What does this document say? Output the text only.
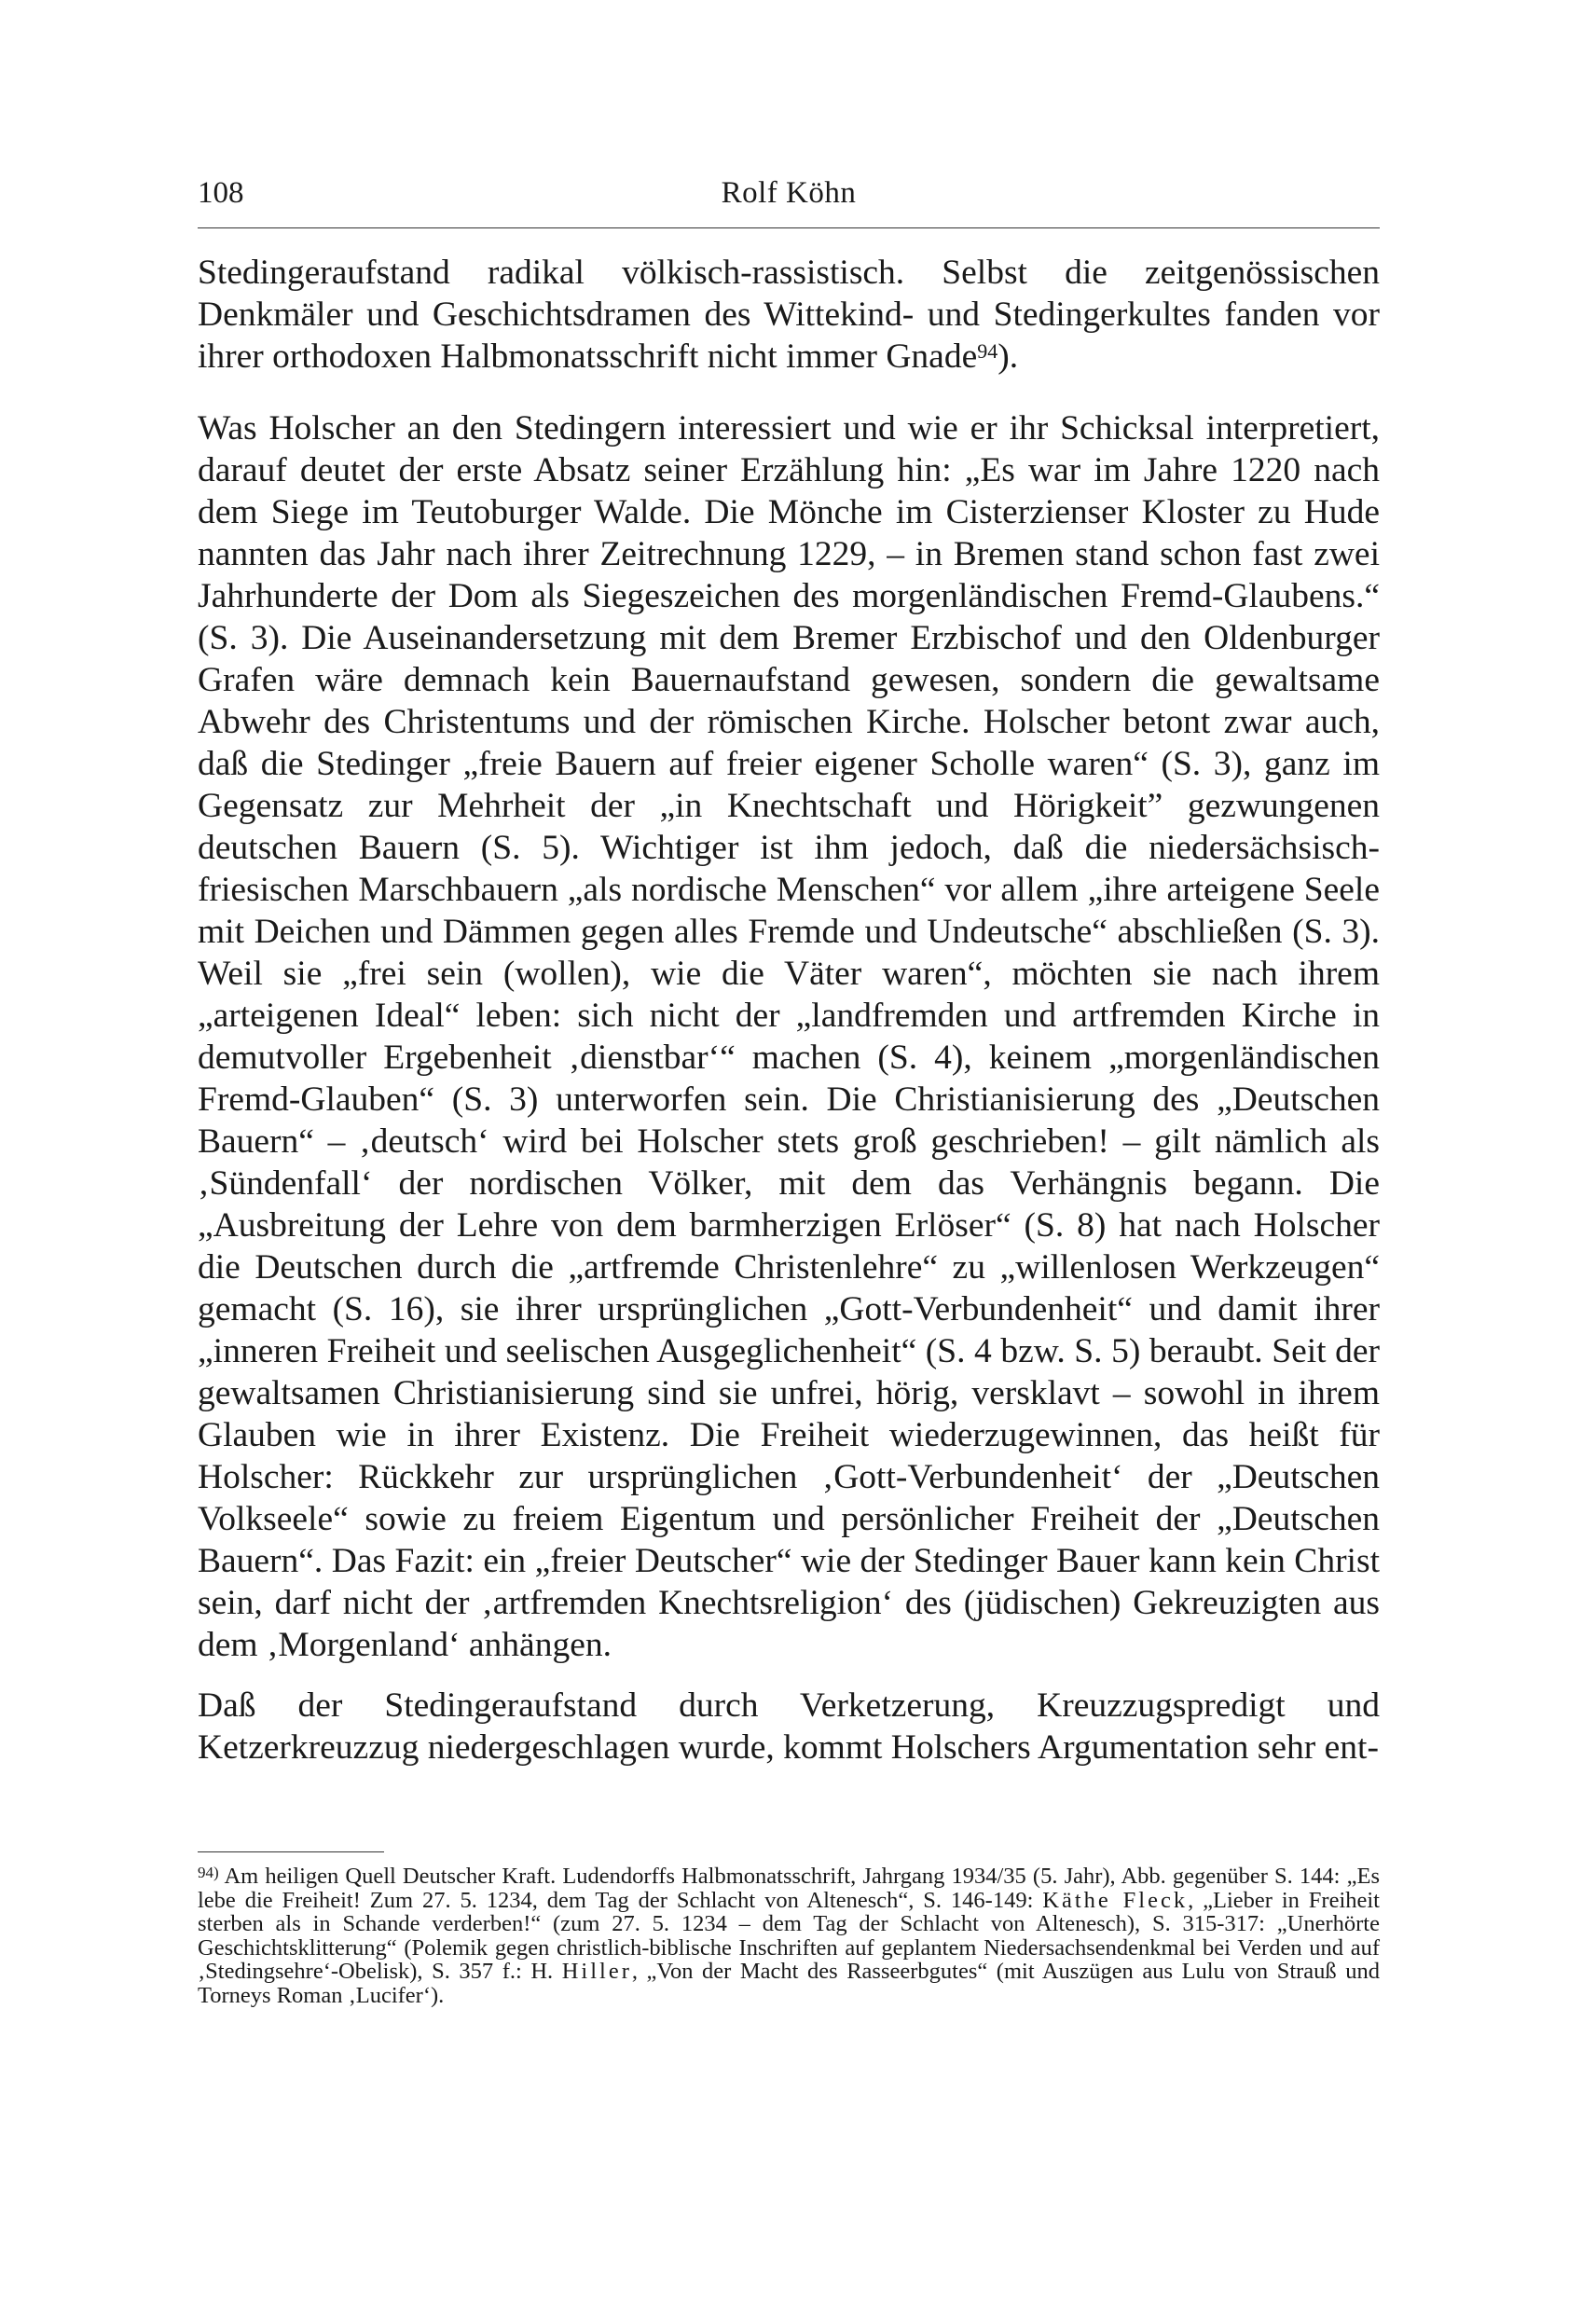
108	Rolf Köhn

Stedingeraufstand radikal völkisch-rassistisch. Selbst die zeitgenössischen Denkmäler und Geschichtsdramen des Wittekind- und Stedingerkultes fanden vor ihrer orthodoxen Halbmonatsschrift nicht immer Gnade$^{94}$).

Was Holscher an den Stedingern interessiert und wie er ihr Schicksal interpretiert, darauf deutet der erste Absatz seiner Erzählung hin: „Es war im Jahre 1220 nach dem Siege im Teutoburger Walde. Die Mönche im Cisterzienser Kloster zu Hude nannten das Jahr nach ihrer Zeitrechnung 1229, – in Bremen stand schon fast zwei Jahrhunderte der Dom als Siegeszeichen des morgenländischen Fremd-Glaubens.“ (S. 3). Die Auseinandersetzung mit dem Bremer Erzbischof und den Oldenburger Grafen wäre demnach kein Bauernaufstand gewesen, sondern die gewaltsame Abwehr des Christentums und der römischen Kirche. Holscher betont zwar auch, daß die Stedinger „freie Bauern auf freier eigener Scholle waren“ (S. 3), ganz im Gegensatz zur Mehrheit der „in Knechtschaft und Hörigkeit” gezwungenen deutschen Bauern (S. 5). Wichtiger ist ihm jedoch, daß die niedersächsisch-friesischen Marschbauern „als nordische Menschen“ vor allem „ihre arteigene Seele mit Deichen und Dämmen gegen alles Fremde und Undeutsche“ abschließen (S. 3). Weil sie „frei sein (wollen), wie die Väter waren“, möchten sie nach ihrem „arteigenen Ideal“ leben: sich nicht der „landfremden und artfremden Kirche in demutvoller Ergebenheit ‚dienstbar‘“ machen (S. 4), keinem „morgenländischen Fremd-Glauben“ (S. 3) unterworfen sein. Die Christianisierung des „Deutschen Bauern“ – ‚deutsch‘ wird bei Holscher stets groß geschrieben! – gilt nämlich als ‚Sündenfall‘ der nordischen Völker, mit dem das Verhängnis begann. Die „Ausbreitung der Lehre von dem barmherzigen Erlöser“ (S. 8) hat nach Holscher die Deutschen durch die „artfremde Christenlehre“ zu „willenlosen Werkzeugen“ gemacht (S. 16), sie ihrer ursprünglichen „Gott-Verbundenheit“ und damit ihrer „inneren Freiheit und seelischen Ausgeglichenheit“ (S. 4 bzw. S. 5) beraubt. Seit der gewaltsamen Christianisierung sind sie unfrei, hörig, versklavt – sowohl in ihrem Glauben wie in ihrer Existenz. Die Freiheit wiederzugewinnen, das heißt für Holscher: Rückkehr zur ursprünglichen ‚Gott-Verbundenheit‘ der „Deutschen Volkseele“ sowie zu freiem Eigentum und persönlicher Freiheit der „Deutschen Bauern“. Das Fazit: ein „freier Deutscher“ wie der Stedinger Bauer kann kein Christ sein, darf nicht der ‚artfremden Knechtsreligion‘ des (jüdischen) Gekreuzigten aus dem ‚Morgenland‘ anhängen.

Daß der Stedingeraufstand durch Verketzerung, Kreuzzugspredigt und Ketzerkreuzzug niedergeschlagen wurde, kommt Holschers Argumentation sehr ent-

$^{94)}$ Am heiligen Quell Deutscher Kraft. Ludendorffs Halbmonatsschrift, Jahrgang 1934/35 (5. Jahr), Abb. gegenüber S. 144: „Es lebe die Freiheit! Zum 27. 5. 1234, dem Tag der Schlacht von Altenesch“, S. 146-149: Käthe Fleck, „Lieber in Freiheit sterben als in Schande verderben!“ (zum 27. 5. 1234 – dem Tag der Schlacht von Altenesch), S. 315-317: „Unerhörte Geschichtsklitterung“ (Polemik gegen christlich-biblische Inschriften auf geplantem Niedersachsendenkmal bei Verden und auf ‚Stedingsehre‘-Obelisk), S. 357 f.: H. Hiller, „Von der Macht des Rasseerbgutes“ (mit Auszügen aus Lulu von Strauß und Torneys Roman ‚Lucifer‘).
